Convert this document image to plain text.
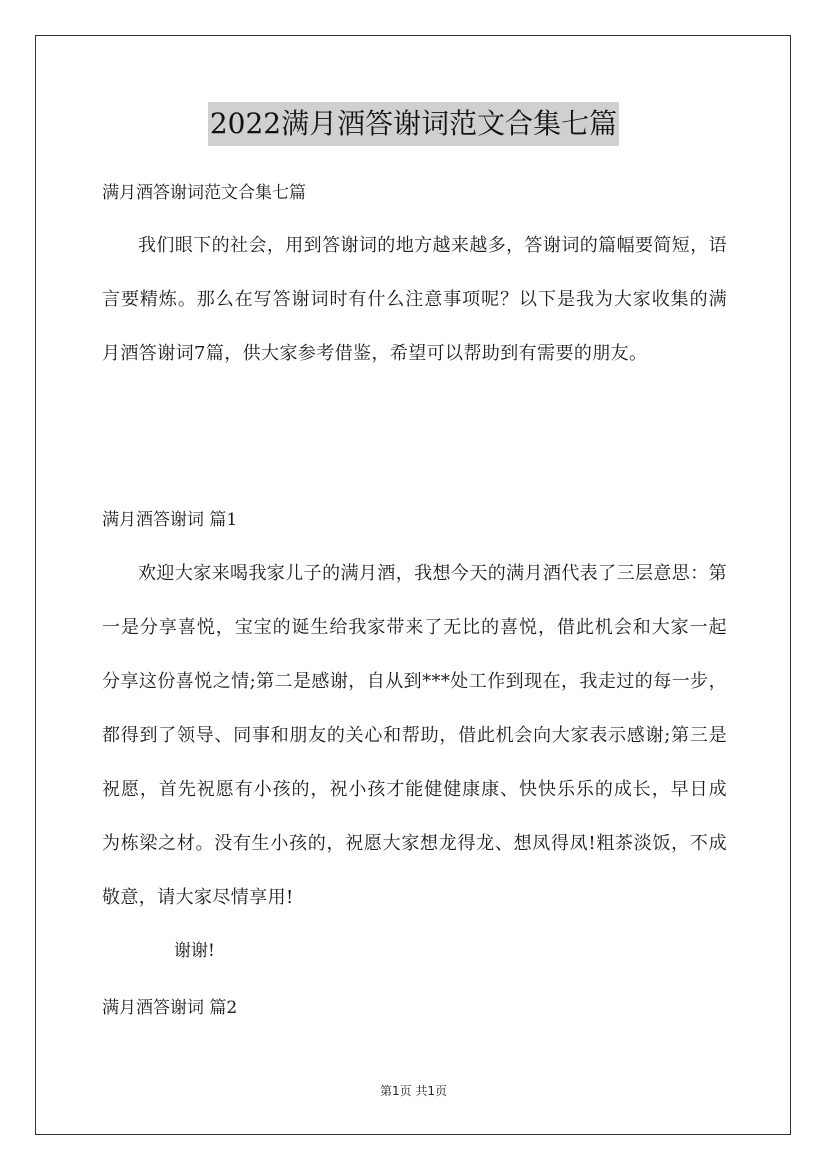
2022满月酒答谢词范文合集七篇
满月酒答谢词范文合集七篇
我们眼下的社会，用到答谢词的地方越来越多，答谢词的篇幅要简短，语言要精炼。那么在写答谢词时有什么注意事项呢？以下是我为大家收集的满月酒答谢词7篇，供大家参考借鉴，希望可以帮助到有需要的朋友。
满月酒答谢词 篇1
欢迎大家来喝我家儿子的满月酒，我想今天的满月酒代表了三层意思：第一是分享喜悦，宝宝的诞生给我家带来了无比的喜悦，借此机会和大家一起分享这份喜悦之情;第二是感谢，自从到***处工作到现在，我走过的每一步，都得到了领导、同事和朋友的关心和帮助，借此机会向大家表示感谢;第三是祝愿，首先祝愿有小孩的，祝小孩才能健健康康、快快乐乐的成长，早日成为栋梁之材。没有生小孩的，祝愿大家想龙得龙、想凤得凤!粗茶淡饭，不成敬意，请大家尽情享用!
谢谢!
满月酒答谢词 篇2
第1页 共1页
